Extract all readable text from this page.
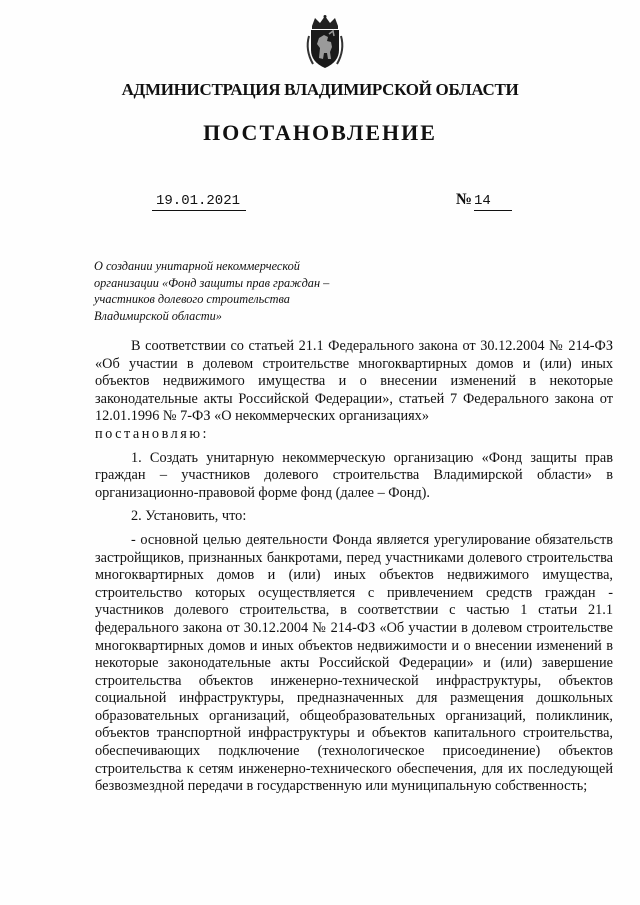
АДМИНИСТРАЦИЯ ВЛАДИМИРСКОЙ ОБЛАСТИ
ПОСТАНОВЛЕНИЕ
19.01.2021	№ 14
О создании унитарной некоммерческой организации «Фонд защиты прав граждан – участников долевого строительства Владимирской области»

В соответствии со статьей 21.1 Федерального закона от 30.12.2004 № 214-ФЗ «Об участии в долевом строительстве многоквартирных домов и (или) иных объектов недвижимого имущества и о внесении изменений в некоторые законодательные акты Российской Федерации», статьей 7 Федерального закона от 12.01.1996 № 7-ФЗ «О некоммерческих организациях»
постановляю:

1. Создать унитарную некоммерческую организацию «Фонд защиты прав граждан – участников долевого строительства Владимирской области» в организационно-правовой форме фонд (далее – Фонд).

2. Установить, что:

- основной целью деятельности Фонда является урегулирование обязательств застройщиков, признанных банкротами, перед участниками долевого строительства многоквартирных домов и (или) иных объектов недвижимого имущества, строительство которых осуществляется с привлечением средств граждан - участников долевого строительства, в соответствии с частью 1 статьи 21.1 федерального закона от 30.12.2004 № 214-ФЗ «Об участии в долевом строительстве многоквартирных домов и иных объектов недвижимости и о внесении изменений в некоторые законодательные акты Российской Федерации» и (или) завершение строительства объектов инженерно-технической инфраструктуры, объектов социальной инфраструктуры, предназначенных для размещения дошкольных образовательных организаций, общеобразовательных организаций, поликлиник, объектов транспортной инфраструктуры и объектов капитального строительства, обеспечивающих подключение (технологическое присоединение) объектов строительства к сетям инженерно-технического обеспечения, для их последующей безвозмездной передачи в государственную или муниципальную собственность;
